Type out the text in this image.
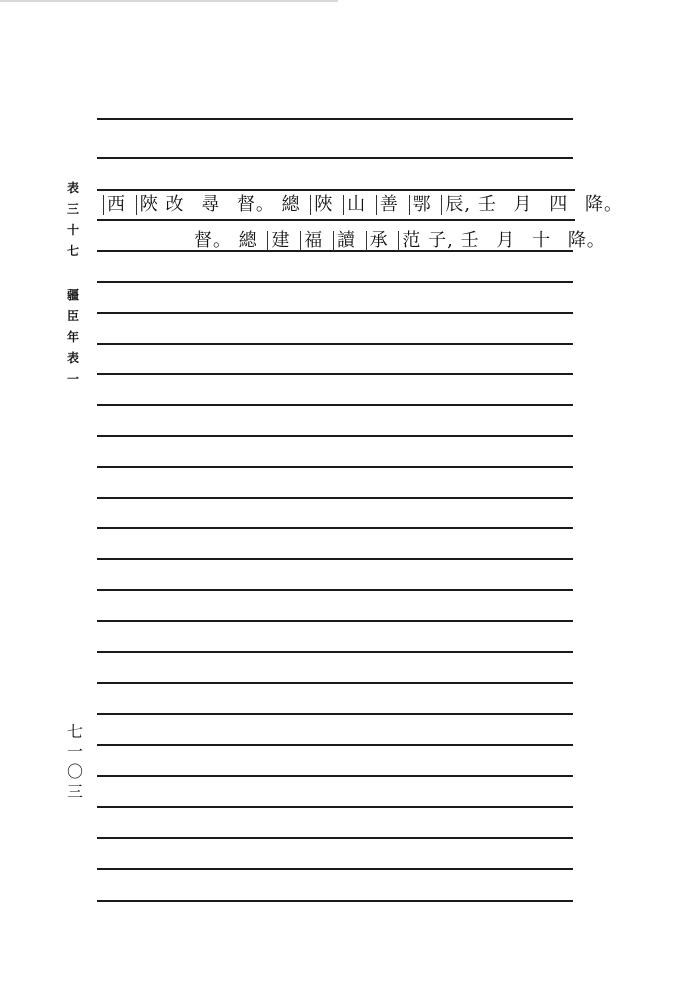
表
三
十
七
疆
臣
年
表
一
七
一
〇
三
西 陜 改 尋 督。 總 陜 山 善 鄂 辰, 壬 月 四 降。
督。 總 建 福 讀 承 范 子, 壬 月 十 降。
